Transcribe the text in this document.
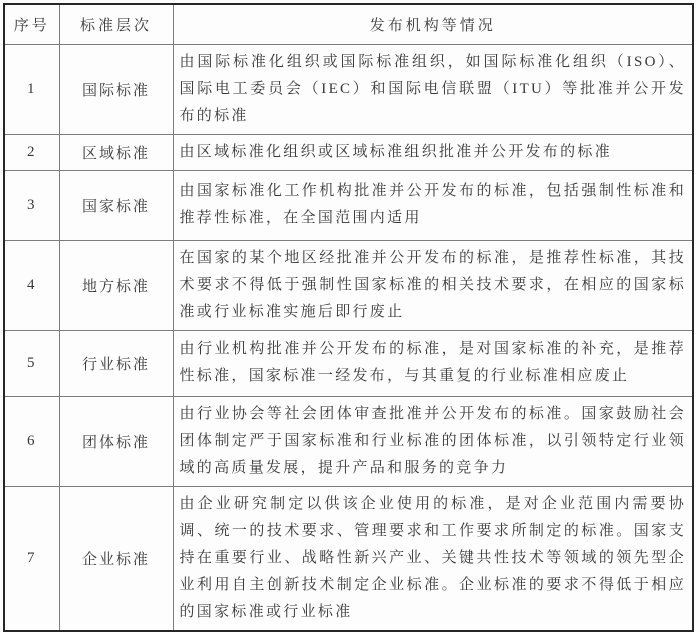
序号	标准层次	发布机构等情况
1	国际标准	由国际标准化组织或国际标准组织，如国际标准化组织（ISO）、国际电工委员会（IEC）和国际电信联盟（ITU）等批准并公开发布的标准
2	区域标准	由区域标准化组织或区域标准组织批准并公开发布的标准
3	国家标准	由国家标准化工作机构批准并公开发布的标准，包括强制性标准和推荐性标准，在全国范围内适用
4	地方标准	在国家的某个地区经批准并公开发布的标准，是推荐性标准，其技术要求不得低于强制性国家标准的相关技术要求，在相应的国家标准或行业标准实施后即行废止
5	行业标准	由行业机构批准并公开发布的标准，是对国家标准的补充，是推荐性标准，国家标准一经发布，与其重复的行业标准相应废止
6	团体标准	由行业协会等社会团体审查批准并公开发布的标准。国家鼓励社会团体制定严于国家标准和行业标准的团体标准，以引领特定行业领域的高质量发展，提升产品和服务的竞争力
7	企业标准	由企业研究制定以供该企业使用的标准，是对企业范围内需要协调、统一的技术要求、管理要求和工作要求所制定的标准。国家支持在重要行业、战略性新兴产业、关键共性技术等领域的领先型企业利用自主创新技术制定企业标准。企业标准的要求不得低于相应的国家标准或行业标准
